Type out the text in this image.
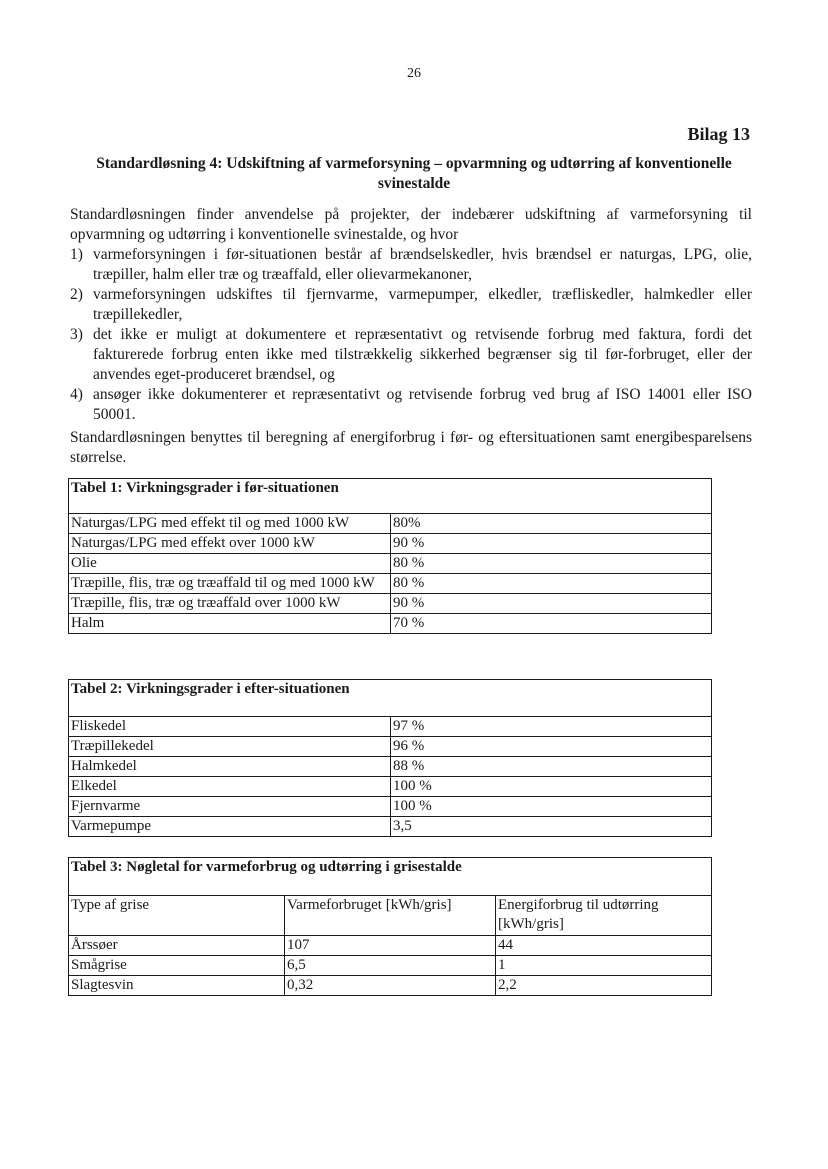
26
Bilag 13
Standardløsning 4: Udskiftning af varmeforsyning – opvarmning og udtørring af konventionelle svinestalde

Standardløsningen finder anvendelse på projekter, der indebærer udskiftning af varmeforsyning til opvarmning og udtørring i konventionelle svinestalde, og hvor

1) varmeforsyningen i før-situationen består af brændselskedler, hvis brændsel er naturgas, LPG, olie, træpiller, halm eller træ og træaffald, eller olievarmekanoner,
2) varmeforsyningen udskiftes til fjernvarme, varmepumper, elkedler, træfliskedler, halmkedler eller træpillekedler,
3) det ikke er muligt at dokumentere et repræsentativt og retvisende forbrug med faktura, fordi det fakturerede forbrug enten ikke med tilstrækkelig sikkerhed begrænser sig til før-forbruget, eller der anvendes eget-produceret brændsel, og
4) ansøger ikke dokumenterer et repræsentativt og retvisende forbrug ved brug af ISO 14001 eller ISO 50001.
Standardløsningen benyttes til beregning af energiforbrug i før- og eftersituationen samt energibesparelsens størrelse.
Tabel 1: Virkningsgrader i før-situationen
Naturgas/LPG med effekt til og med 1000 kW	80%
Naturgas/LPG med effekt over 1000 kW	90 %
Olie	80 %
Træpille, flis, træ og træaffald til og med 1000 kW	80 %
Træpille, flis, træ og træaffald over 1000 kW	90 %
Halm	70 %
Tabel 2: Virkningsgrader i efter-situationen
Fliskedel	97 %
Træpillekedel	96 %
Halmkedel	88 %
Elkedel	100 %
Fjernvarme	100 %
Varmepumpe	3,5
Tabel 3: Nøgletal for varmeforbrug og udtørring i grisestalde
Type af grise	Varmeforbruget [kWh/gris]	Energiforbrug til udtørring [kWh/gris]
Årssøer	107	44
Smågrise	6,5	1
Slagtesvin	0,32	2,2
